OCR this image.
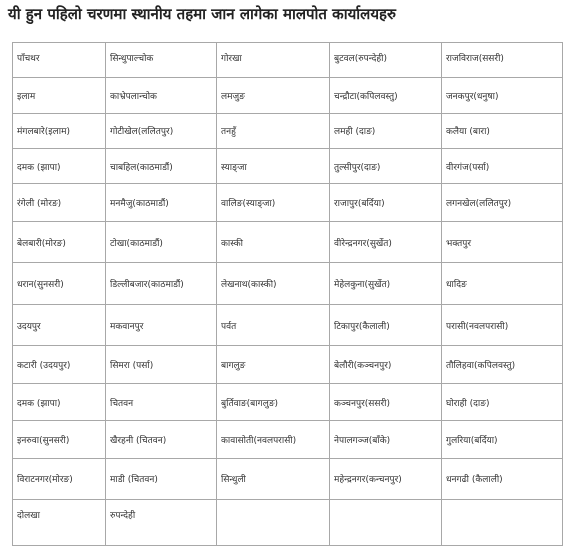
यी हुन पहिलो चरणमा स्थानीय तहमा जान लागेका मालपोत कार्यालयहरु
पाँचथर	सिन्धुपाल्चोक	गोरखा	बुटवल(रुपन्देही)	राजविराज(ससरी)
इलाम	काभ्रेपलान्चोक	लमजुङ	चन्द्रौटा(कपिलवस्तु)	जनकपुर(धनुषा)
मंगलबारे(इलाम)	गोटीखेल(ललितपुर)	तनहुँ	लमही (दाङ)	कलैया (बारा)
दमक (झापा)	चाबहिल(काठमाडौं)	स्याङ्जा	तुल्सीपुर(दाङ)	वीरगंज(पर्सा)
रंगेली (मोरङ)	मनमैजु(काठमाडौं)	वालिङ(स्याङ्जा)	राजापुर(बर्दिया)	लगनखेल(ललितपुर)
बेलबारी(मोरङ)	टोखा(काठमाडौं)	कास्की	वीरेन्द्रनगर(सुर्खेत)	भक्तपुर
धरान(सुनसरी)	डिल्लीबजार(काठमाडौं)	लेखनाथ(कास्की)	मेहेलकुना(सुर्खेत)	धादिङ
उदयपुर	मकवानपुर	पर्वत	टिकापुर(कैलाली)	परासी(नवलपरासी)
कटारी (उदयपुर)	सिमरा (पर्सा)	बागलुङ	बेलौरी(कञ्चनपुर)	तौलिहवा(कपिलवस्तु)
दमक (झापा)	चितवन	बुर्तिवाङ(बागलुङ)	कञ्चनपुर(ससरी)	घोराही (दाङ)
इनरुवा(सुनसरी)	खैरहनी (चितवन)	कावासोती(नवलपरासी)	नेपालगञ्ज(बाँके)	गुलरिया(बर्दिया)
विराटनगर(मोरङ)	माडी (चितवन)	सिन्धुली	महेन्द्रनगर(कन्चनपुर)	धनगढी (कैलाली)
दोलखा	रुपन्देही			
